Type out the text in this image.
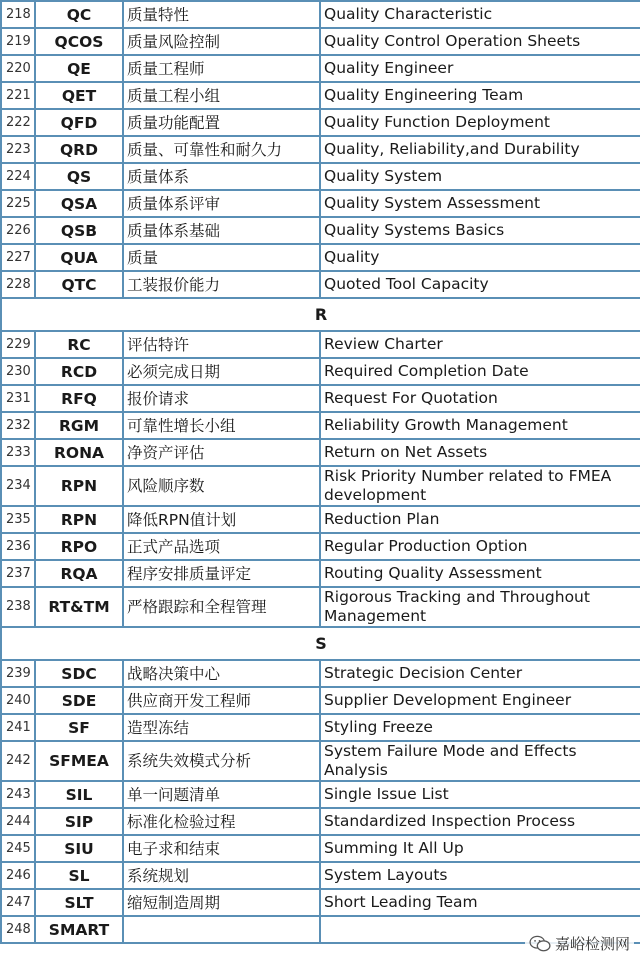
218	QC	质量特性	Quality Characteristic
219	QCOS	质量风险控制	Quality Control Operation Sheets
220	QE	质量工程师	Quality Engineer
221	QET	质量工程小组	Quality Engineering Team
222	QFD	质量功能配置	Quality Function Deployment
223	QRD	质量、可靠性和耐久力	Quality, Reliability,and Durability
224	QS	质量体系	Quality System
225	QSA	质量体系评审	Quality System Assessment
226	QSB	质量体系基础	Quality Systems Basics
227	QUA	质量	Quality
228	QTC	工装报价能力	Quoted Tool Capacity
R			
229	RC	评估特许	Review Charter
230	RCD	必须完成日期	Required Completion Date
231	RFQ	报价请求	Request For Quotation
232	RGM	可靠性增长小组	Reliability Growth Management
233	RONA	净资产评估	Return on Net Assets
234	RPN	风险顺序数	Risk Priority Number related to FMEA development
235	RPN	降低RPN值计划	Reduction Plan
236	RPO	正式产品选项	Regular Production Option
237	RQA	程序安排质量评定	Routing Quality Assessment
238	RT&TM	严格跟踪和全程管理	Rigorous Tracking and Throughout Management
S			
239	SDC	战略决策中心	Strategic Decision Center
240	SDE	供应商开发工程师	Supplier Development Engineer
241	SF	造型冻结	Styling Freeze
242	SFMEA	系统失效模式分析	System Failure Mode and Effects Analysis
243	SIL	单一问题清单	Single Issue List
244	SIP	标准化检验过程	Standardized Inspection Process
245	SIU	电子求和结束	Summing It All Up
246	SL	系统规划	System Layouts
247	SLT	缩短制造周期	Short Leading Team
248	SMART		
嘉峪检测网
